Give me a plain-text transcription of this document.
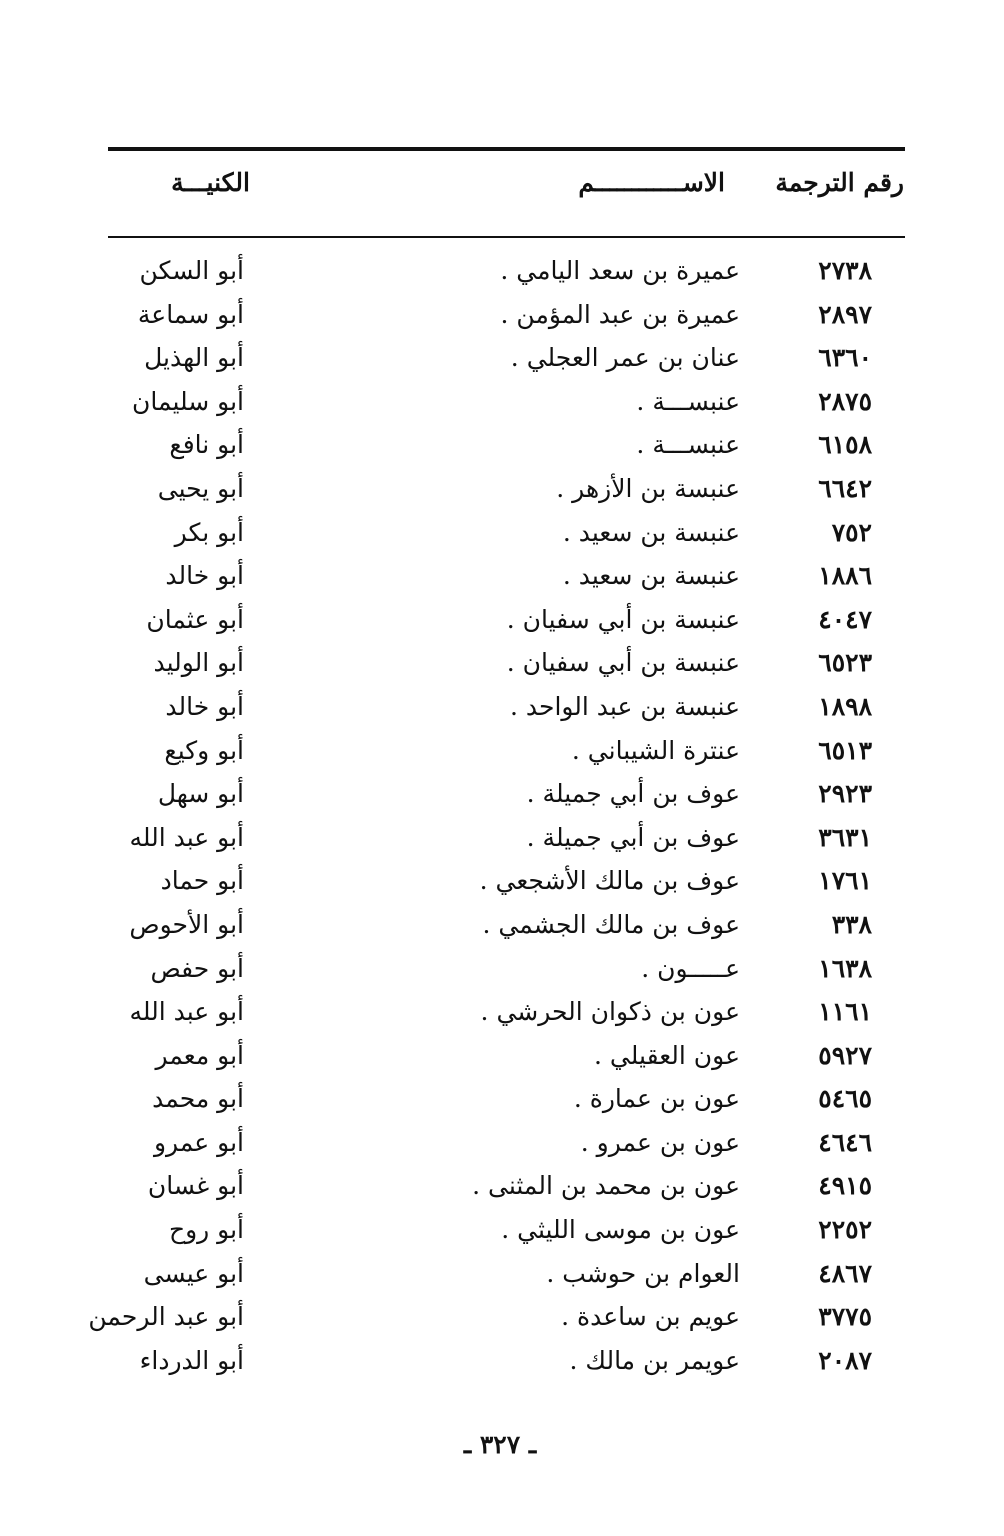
رقم الترجمة
الاســــــــــــم
الكنيـــة
٢٧٣٨
عميرة بن سعد اليامي .
أبو السكن
٢٨٩٧
عميرة بن عبد المؤمن .
أبو سماعة
٦٣٦٠
عنان بن عمر العجلي .
أبو الهذيل
٢٨٧٥
عنبســـة .
أبو سليمان
٦١٥٨
عنبســـة .
أبو نافع
٦٦٤٢
عنبسة بن الأزهر .
أبو يحيى
٧٥٢
عنبسة بن سعيد .
أبو بكر
١٨٨٦
عنبسة بن سعيد .
أبو خالد
٤٠٤٧
عنبسة بن أبي سفيان .
أبو عثمان
٦٥٢٣
عنبسة بن أبي سفيان .
أبو الوليد
١٨٩٨
عنبسة بن عبد الواحد .
أبو خالد
٦٥١٣
عنترة الشيباني .
أبو وكيع
٢٩٢٣
عوف بن أبي جميلة .
أبو سهل
٣٦٣١
عوف بن أبي جميلة .
أبو عبد الله
١٧٦١
عوف بن مالك الأشجعي .
أبو حماد
٣٣٨
عوف بن مالك الجشمي .
أبو الأحوص
١٦٣٨
عـــــون .
أبو حفص
١١٦١
عون بن ذكوان الحرشي .
أبو عبد الله
٥٩٢٧
عون العقيلي .
أبو معمر
٥٤٦٥
عون بن عمارة .
أبو محمد
٤٦٤٦
عون بن عمرو .
أبو عمرو
٤٩١٥
عون بن محمد بن المثنى .
أبو غسان
٢٢٥٢
عون بن موسى الليثي .
أبو روح
٤٨٦٧
العوام بن حوشب .
أبو عيسى
٣٧٧٥
عويم بن ساعدة .
أبو عبد الرحمن
٢٠٨٧
عويمر بن مالك .
أبو الدرداء
ـ ٣٢٧ ـ
